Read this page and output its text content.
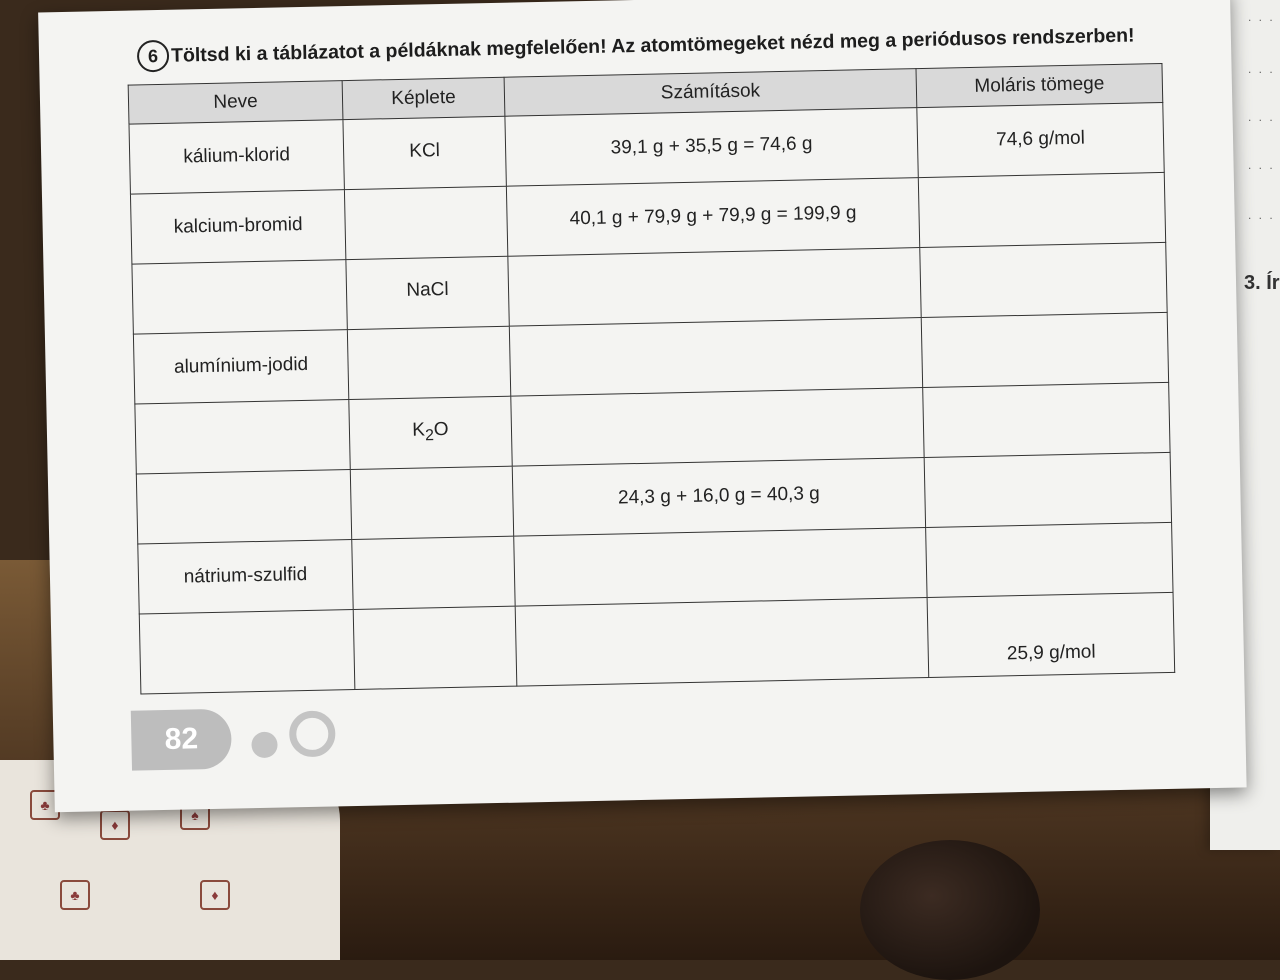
♣
♦
♠
♦
♣
. . .
. . .
. . .
. . .
. . .
3. Ír
6 Töltsd ki a táblázatot a példáknak megfelelően! Az atomtömegeket nézd meg a periódusos rendszerben!
Neve	Képlete	Számítások	Moláris tömege
kálium-klorid	KCl	39,1 g + 35,5 g = 74,6 g	74,6 g/mol
kalcium-bromid		40,1 g + 79,9 g + 79,9 g = 199,9 g	
	NaCl		
alumínium-jodid			
	$K_2O$		
		24,3 g + 16,0 g = 40,3 g	
nátrium-szulfid			
			25,9 g/mol
82
